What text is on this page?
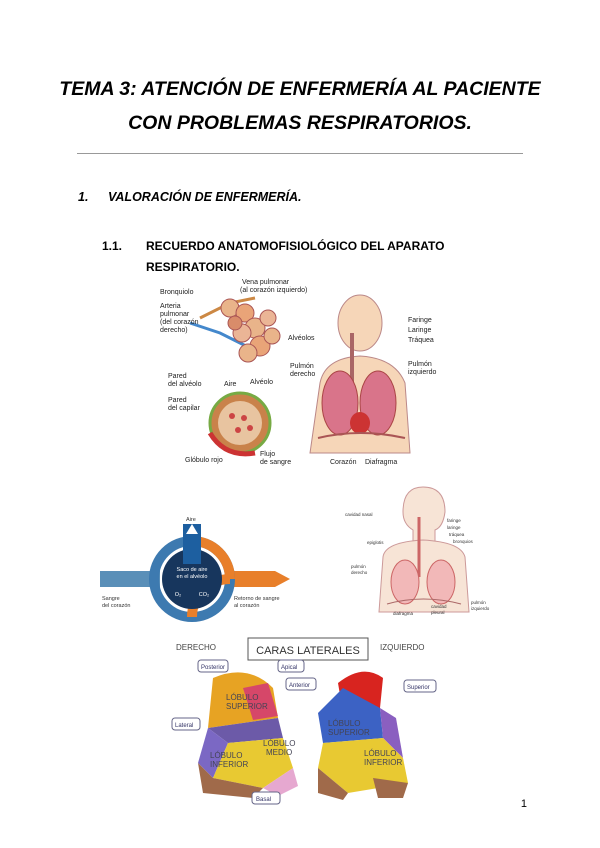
TEMA 3: ATENCIÓN DE ENFERMERÍA AL PACIENTE
CON PROBLEMAS RESPIRATORIOS.
1. VALORACIÓN DE ENFERMERÍA.
1.1. RECUERDO ANATOMOFISIOLÓGICO DEL APARATO RESPIRATORIO.
Bronquiolo
Vena pulmonar
(al corazón izquierdo)
Arteria
pulmonar
(del corazón
derecho)
Alvéolos
Pared
del alvéolo	Aire Alvéolo
Pared
del capilar
Glóbulo rojo
Flujo
de sangre
Faringe
Laringe
Tráquea
Pulmón
derecho
Pulmón
izquierdo
Corazón Diafragma
Saco de aire
en el alvéolo
O₂	CO₂
Aire
Sangre
del corazón
Retorno de sangre
al corazón
cavidad nasal
faringe
laringe
tráquea
bronquios
epiglotis
pulmón
derecho
diafragma
cavidad
pleural
pulmón
izquierdo
CARAS LATERALES
DERECHO	IZQUIERDO
LÓBULO
SUPERIOR
LÓBULO
MEDIO
LÓBULO
INFERIOR
LÓBULO
SUPERIOR
LÓBULO
INFERIOR
Posterior	Apical
Anterior	Superior
Lateral
Basal	1
